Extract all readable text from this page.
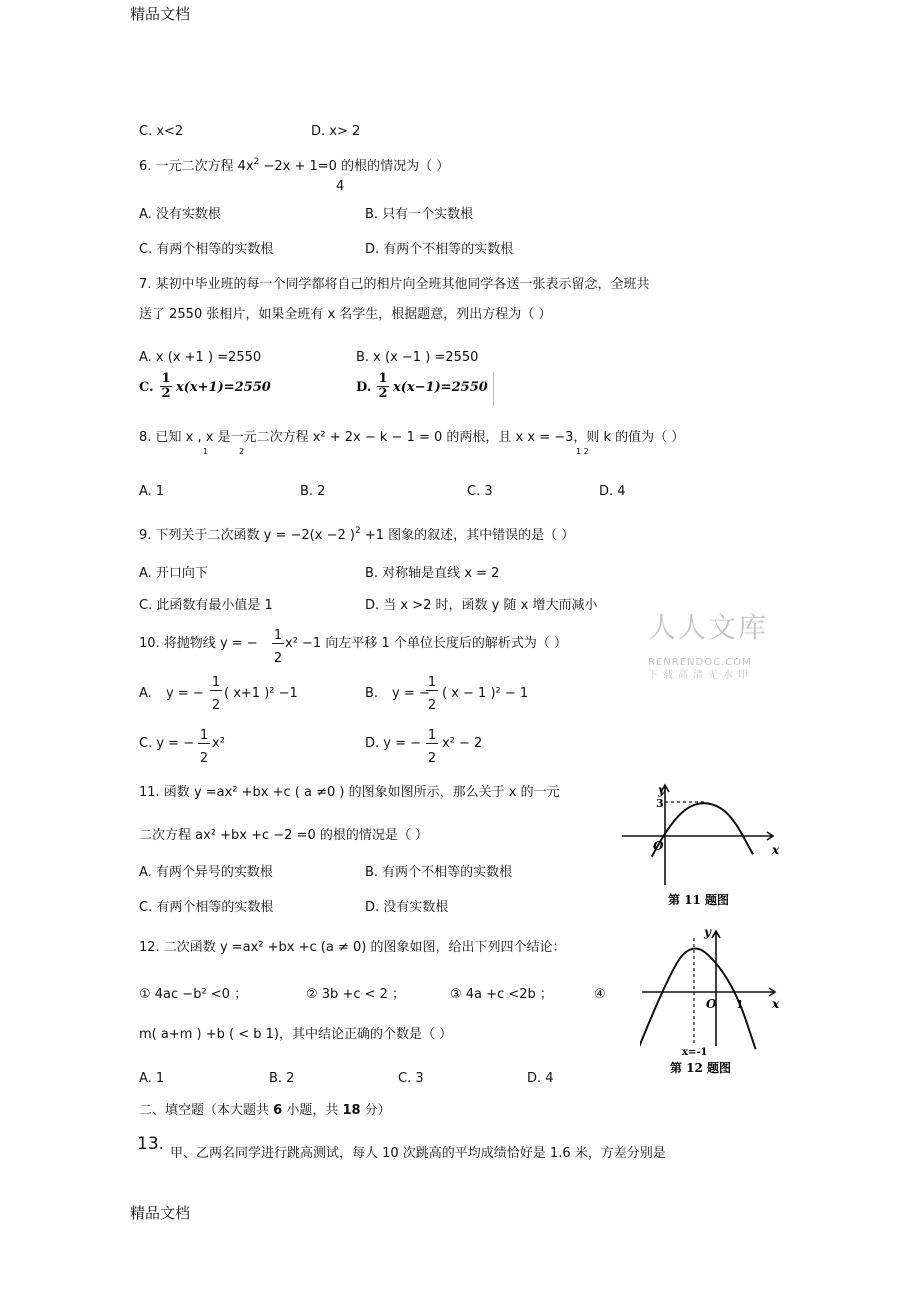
精品文档
人人文库
RENRENDOC.COM
下载高清无水印
C. x<2	D. x> 2
6. 一元二次方程 $4x^2 -2x + 1=0$ 的根的情况为（ ）
4
A. 没有实数根	B. 只有一个实数根
C. 有两个相等的实数根	D. 有两个不相等的实数根
7. 某初中毕业班的每一个同学都将自己的相片向全班其他同学各送一张表示留念，全班共
送了 2550 张相片，如果全班有 x 名学生，根据题意，列出方程为（ ）
A. x (x +1 ) =2550	B. x (x −1 ) =2550
C. $\frac{1}{2} x(x+1)=2550$	D. $\frac{1}{2} x(x-1)=2550$
8. 已知 x , x 是一元二次方程 x² + 2x − k − 1 = 0 的两根，且 x x = −3，则 k 的值为（ ）
1	2	1 2
A. 1	B. 2	C. 3	D. 4
9. 下列关于二次函数 y = −2(x −2 )$^2$ +1 图象的叙述，其中错误的是（ ）
A. 开口向下	B. 对称轴是直线 x = 2
C. 此函数有最小值是 1	D. 当 x >2 时，函数 y 随 x 增大而减小
10. 将抛物线 y = − $\frac{1}{2} x^2 -1$ 向左平移 1 个单位长度后的解析式为（ ）
A. y = − $\frac{1}{2}$ ( x+1 )² −1	B. y = −
$\frac{1}{2}$ ( x − 1 )² − 1
C. y = − $\frac{1}{2} x^2$	D. y = − $\frac{1}{2} x^2 - 2$
11. 函数 y =ax² +bx +c ( a ≠0 ) 的图象如图所示，那么关于 x 的一元
二次方程 ax² +bx +c −2 =0 的根的情况是（ ）
A. 有两个异号的实数根	B. 有两个不相等的实数根
C. 有两个相等的实数根	D. 没有实数根
y
x
3
O
第 11 题图
12. 二次函数 y =ax² +bx +c (a ≠ 0) 的图象如图，给出下列四个结论：
① 4ac −b² <0 ；	② 3b +c < 2 ；	③ 4a +c <2b ；	④
m( a+m ) +b ( < b 1)，其中结论正确的个数是（ ）
A. 1	B. 2	C. 3	D. 4
y
x
O 1
x=-1
第 12 题图
二、填空题（本大题共 6 小题，共 18 分）
13. 甲、乙两名同学进行跳高测试，每人 10 次跳高的平均成绩恰好是 1.6 米，方差分别是
精品文档
